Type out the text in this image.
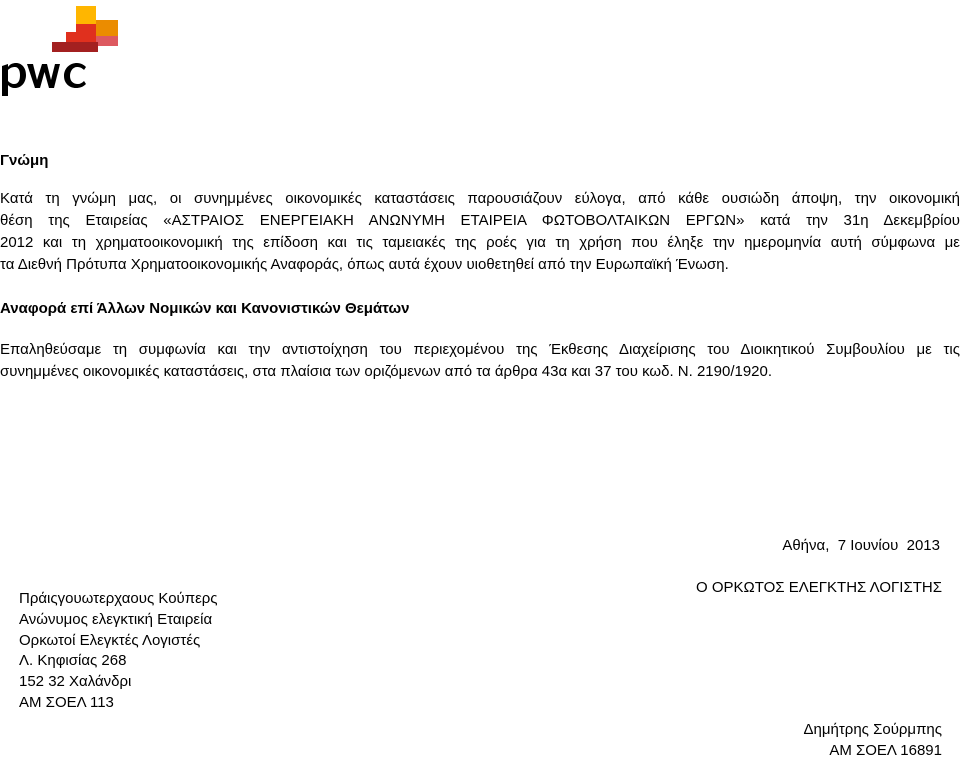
Γνώμη
Κατά τη γνώμη μας, οι συνημμένες οικονομικές καταστάσεις παρουσιάζουν εύλογα, από κάθε ουσιώδη άποψη, την οικονομική
θέση της Εταιρείας «ΑΣΤΡΑΙΟΣ ΕΝΕΡΓΕΙΑΚΗ ΑΝΩΝΥΜΗ ΕΤΑΙΡΕΙΑ ΦΩΤΟΒΟΛΤΑΙΚΩΝ ΕΡΓΩΝ» κατά την 31η Δεκεμβρίου
2012 και τη χρηματοοικονομική της επίδοση και τις ταμειακές της ροές για τη χρήση που έληξε την ημερομηνία αυτή σύμφωνα με
τα Διεθνή Πρότυπα Χρηματοοικονομικής Αναφοράς, όπως αυτά έχουν υιοθετηθεί από την Ευρωπαϊκή Ένωση.
Αναφορά επί Άλλων Νομικών και Κανονιστικών Θεμάτων
Επαληθεύσαμε τη συμφωνία και την αντιστοίχηση του περιεχομένου της Έκθεσης Διαχείρισης του Διοικητικού Συμβουλίου με τις
συνημμένες οικονομικές καταστάσεις, στα πλαίσια των οριζόμενων από τα άρθρα 43α και 37 του κωδ. Ν. 2190/1920.
Αθήνα,  7 Ιουνίου  2013
Ο ΟΡΚΩΤΟΣ ΕΛΕΓΚΤΗΣ ΛΟΓΙΣΤΗΣ
Πράιςγουωτερχαους Κούπερς
Ανώνυμος ελεγκτική Εταιρεία
Ορκωτοί Ελεγκτές Λογιστές
Λ. Κηφισίας 268
152 32 Χαλάνδρι
ΑΜ ΣΟΕΛ 113
Δημήτρης Σούρμπης
ΑΜ ΣΟΕΛ 16891
